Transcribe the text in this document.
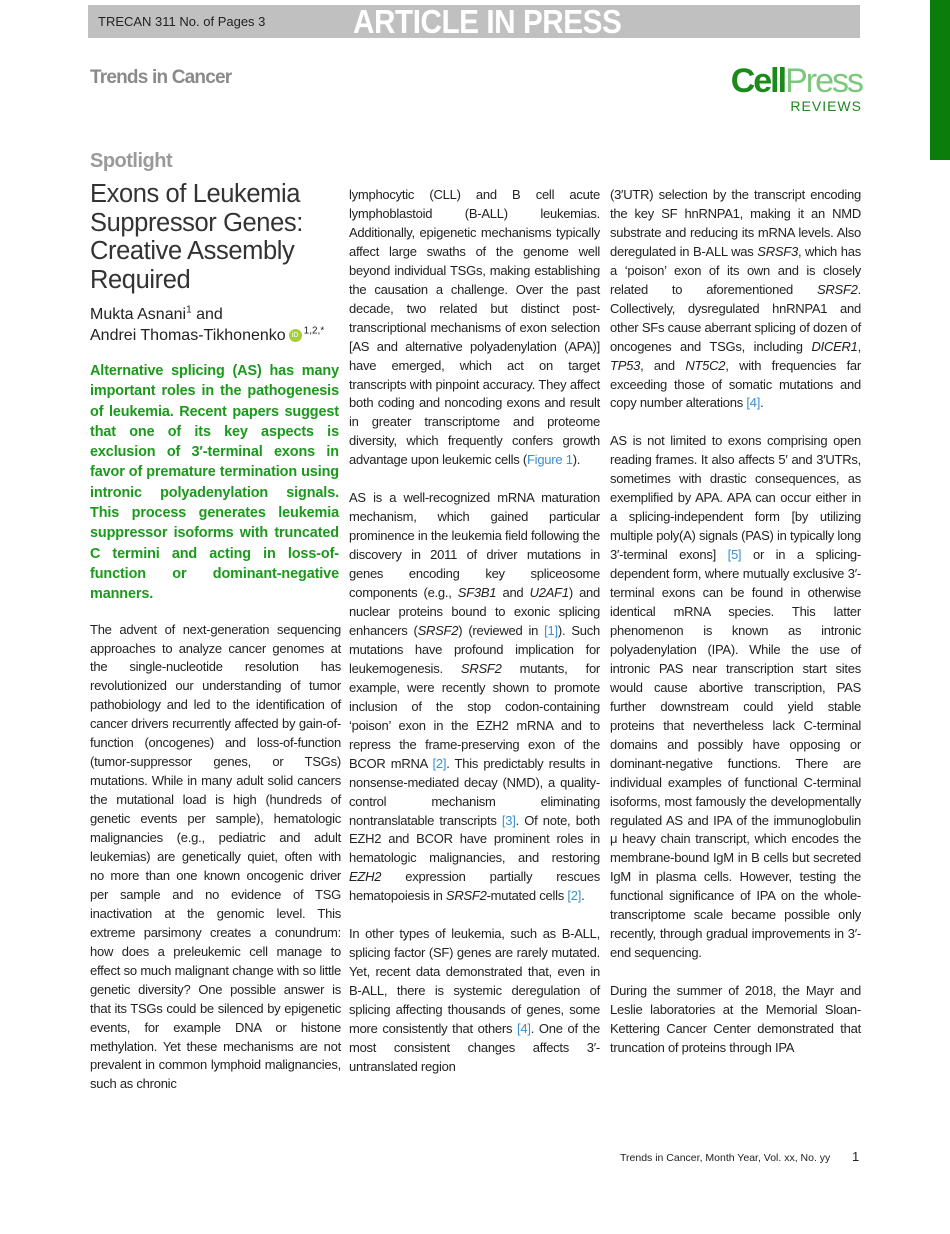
TRECAN 311 No. of Pages 3	ARTICLE IN PRESS
Trends in Cancer	CellPress
REVIEWS
Spotlight
Exons of Leukemia Suppressor Genes: Creative Assembly Required
Mukta Asnani$^1$ and
Andrei Thomas-Tikhonenko iD $^{1,2,*}$
Alternative splicing (AS) has many important roles in the pathogenesis of leukemia. Recent papers suggest that one of its key aspects is exclusion of 3′-terminal exons in favor of premature termination using intronic polyadenylation signals. This process generates leukemia suppressor isoforms with truncated C termini and acting in loss-of-function or dominant-negative manners.
The advent of next-generation sequencing approaches to analyze cancer genomes at the single-nucleotide resolution has revolutionized our understanding of tumor pathobiology and led to the identification of cancer drivers recurrently affected by gain-of-function (oncogenes) and loss-of-function (tumor-suppressor genes, or TSGs) mutations. While in many adult solid cancers the mutational load is high (hundreds of genetic events per sample), hematologic malignancies (e.g., pediatric and adult leukemias) are genetically quiet, often with no more than one known oncogenic driver per sample and no evidence of TSG inactivation at the genomic level. This extreme parsimony creates a conundrum: how does a preleukemic cell manage to effect so much malignant change with so little genetic diversity? One possible answer is that its TSGs could be silenced by epigenetic events, for example DNA or histone methylation. Yet these mechanisms are not prevalent in common lymphoid malignancies, such as chronic
lymphocytic (CLL) and B cell acute lymphoblastoid (B-ALL) leukemias. Additionally, epigenetic mechanisms typically affect large swaths of the genome well beyond individual TSGs, making establishing the causation a challenge. Over the past decade, two related but distinct post-transcriptional mechanisms of exon selection [AS and alternative polyadenylation (APA)] have emerged, which act on target transcripts with pinpoint accuracy. They affect both coding and noncoding exons and result in greater transcriptome and proteome diversity, which frequently confers growth advantage upon leukemic cells (Figure 1).
AS is a well-recognized mRNA maturation mechanism, which gained particular prominence in the leukemia field following the discovery in 2011 of driver mutations in genes encoding key spliceosome components (e.g., SF3B1 and U2AF1) and nuclear proteins bound to exonic splicing enhancers (SRSF2) (reviewed in [1]). Such mutations have profound implication for leukemogenesis. SRSF2 mutants, for example, were recently shown to promote inclusion of the stop codon-containing ‘poison’ exon in the EZH2 mRNA and to repress the frame-preserving exon of the BCOR mRNA [2]. This predictably results in nonsense-mediated decay (NMD), a quality-control mechanism eliminating nontranslatable transcripts [3]. Of note, both EZH2 and BCOR have prominent roles in hematologic malignancies, and restoring EZH2 expression partially rescues hematopoiesis in SRSF2-mutated cells [2].
In other types of leukemia, such as B-ALL, splicing factor (SF) genes are rarely mutated. Yet, recent data demonstrated that, even in B-ALL, there is systemic deregulation of splicing affecting thousands of genes, some more consistently that others [4]. One of the most consistent changes affects 3′-untranslated region
(3′UTR) selection by the transcript encoding the key SF hnRNPA1, making it an NMD substrate and reducing its mRNA levels. Also deregulated in B-ALL was SRSF3, which has a ‘poison’ exon of its own and is closely related to aforementioned SRSF2. Collectively, dysregulated hnRNPA1 and other SFs cause aberrant splicing of dozen of oncogenes and TSGs, including DICER1, TP53, and NT5C2, with frequencies far exceeding those of somatic mutations and copy number alterations [4].
AS is not limited to exons comprising open reading frames. It also affects 5′ and 3′UTRs, sometimes with drastic consequences, as exemplified by APA. APA can occur either in a splicing-independent form [by utilizing multiple poly(A) signals (PAS) in typically long 3′-terminal exons] [5] or in a splicing-dependent form, where mutually exclusive 3′-terminal exons can be found in otherwise identical mRNA species. This latter phenomenon is known as intronic polyadenylation (IPA). While the use of intronic PAS near transcription start sites would cause abortive transcription, PAS further downstream could yield stable proteins that nevertheless lack C-terminal domains and possibly have opposing or dominant-negative functions. There are individual examples of functional C-terminal isoforms, most famously the developmentally regulated AS and IPA of the immunoglobulin μ heavy chain transcript, which encodes the membrane-bound IgM in B cells but secreted IgM in plasma cells. However, testing the functional significance of IPA on the whole-transcriptome scale became possible only recently, through gradual improvements in 3′-end sequencing.
During the summer of 2018, the Mayr and Leslie laboratories at the Memorial Sloan-Kettering Cancer Center demonstrated that truncation of proteins through IPA
Trends in Cancer, Month Year, Vol. xx, No. yy 1
